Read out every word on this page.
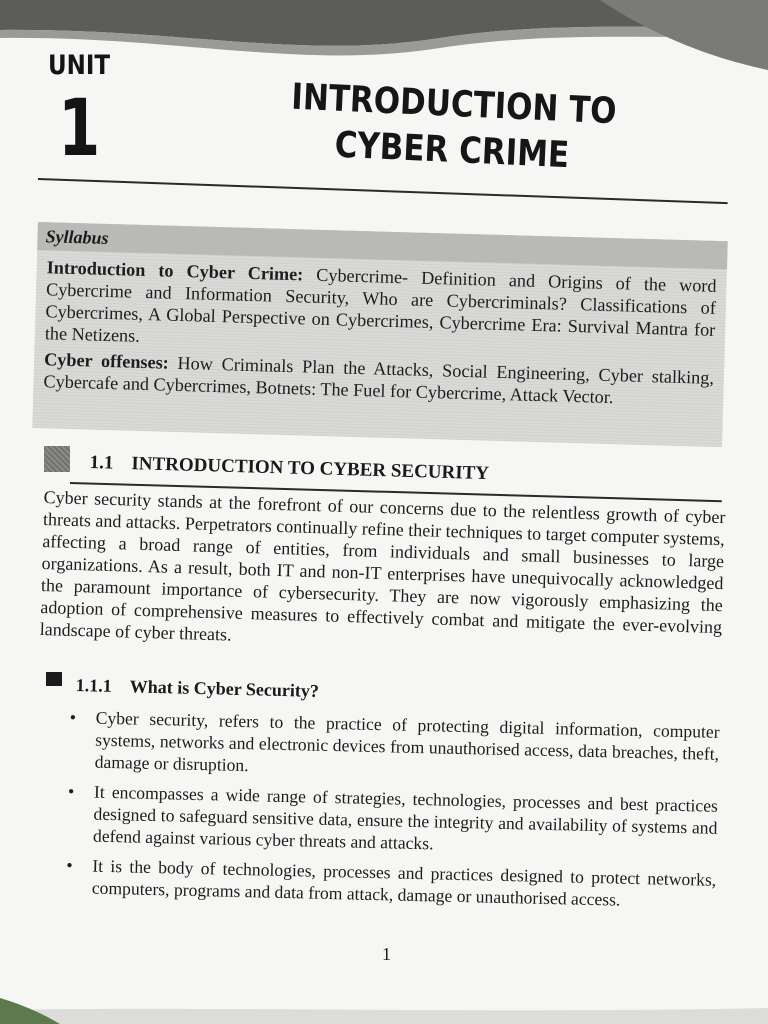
UNIT
1	INTRODUCTION TO CYBER CRIME
Syllabus

Introduction to Cyber Crime: Cybercrime- Definition and Origins of the word Cybercrime and Information Security, Who are Cybercriminals? Classifications of Cybercrimes, A Global Perspective on Cybercrimes, Cybercrime Era: Survival Mantra for the Netizens.

Cyber offenses: How Criminals Plan the Attacks, Social Engineering, Cyber stalking, Cybercafe and Cybercrimes, Botnets: The Fuel for Cybercrime, Attack Vector.

1.1 INTRODUCTION TO CYBER SECURITY

Cyber security stands at the forefront of our concerns due to the relentless growth of cyber threats and attacks. Perpetrators continually refine their techniques to target computer systems, affecting a broad range of entities, from individuals and small businesses to large organizations. As a result, both IT and non-IT enterprises have unequivocally acknowledged the paramount importance of cybersecurity. They are now vigorously emphasizing the adoption of comprehensive measures to effectively combat and mitigate the ever-evolving landscape of cyber threats.

1.1.1 What is Cyber Security?
• Cyber security, refers to the practice of protecting digital information, computer systems, networks and electronic devices from unauthorised access, data breaches, theft, damage or disruption.
• It encompasses a wide range of strategies, technologies, processes and best practices designed to safeguard sensitive data, ensure the integrity and availability of systems and defend against various cyber threats and attacks.
• It is the body of technologies, processes and practices designed to protect networks, computers, programs and data from attack, damage or unauthorised access.
1
